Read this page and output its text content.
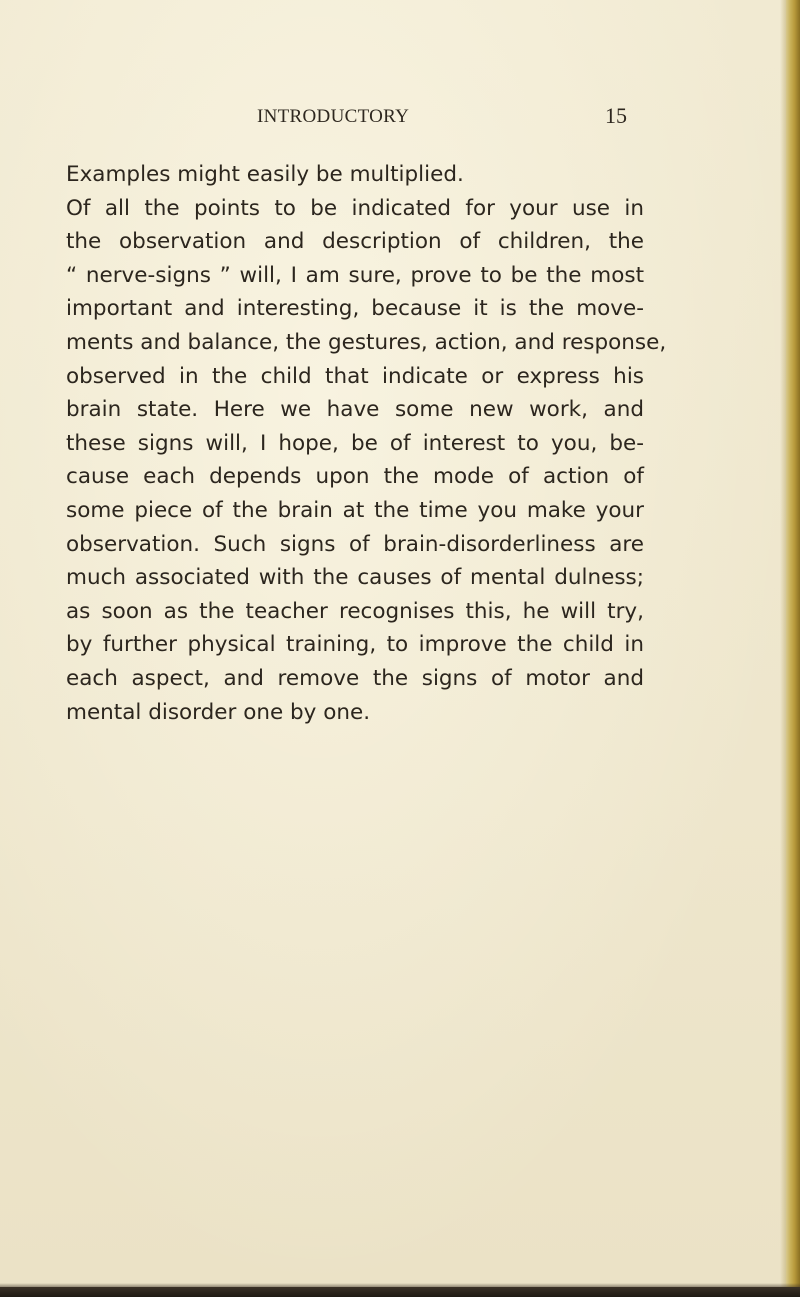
INTRODUCTORY	15
Examples might easily be multiplied.
Of all the points to be indicated for your use in
the observation and description of children, the
“ nerve-signs ” will, I am sure, prove to be the most
important and interesting, because it is the move-
ments and balance, the gestures, action, and response,
observed in the child that indicate or express his
brain state. Here we have some new work, and
these signs will, I hope, be of interest to you, be-
cause each depends upon the mode of action of
some piece of the brain at the time you make your
observation. Such signs of brain-disorderliness are
much associated with the causes of mental dulness;
as soon as the teacher recognises this, he will try,
by further physical training, to improve the child in
each aspect, and remove the signs of motor and
mental disorder one by one.
